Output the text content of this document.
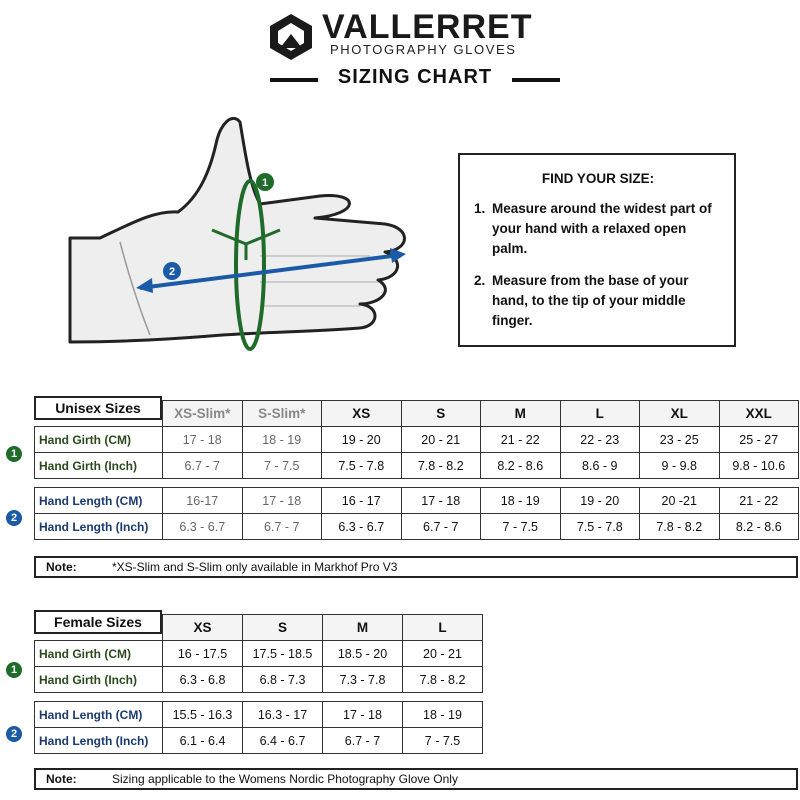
VALLERRET
PHOTOGRAPHY GLOVES
SIZING CHART
1
2
FIND YOUR SIZE:
1. Measure around the widest part of your hand with a relaxed open palm.
2. Measure from the base of your hand, to the tip of your middle finger.
	XS-Slim*	S-Slim*	XS	S	M	L	XL	XXL
Hand Girth (CM)	17 - 18	18 - 19	19 - 20	20 - 21	21 - 22	22 - 23	23 - 25	25 - 27
Hand Girth (Inch)	6.7 - 7	7 - 7.5	7.5 - 7.8	7.8 - 8.2	8.2 - 8.6	8.6 - 9	9 - 9.8	9.8 - 10.6

Hand Length (CM)	16-17	17 - 18	16 - 17	17 - 18	18 - 19	19 - 20	20 -21	21 - 22
Hand Length (Inch)	6.3 - 6.7	6.7 - 7	6.3 - 6.7	6.7 - 7	7 - 7.5	7.5 - 7.8	7.8 - 8.2	8.2 - 8.6
Unisex Sizes
1
2
Note:	*XS-Slim and S-Slim only available in Markhof Pro V3
	XS	S	M	L
Hand Girth (CM)	16 - 17.5	17.5 - 18.5	18.5 - 20	20 - 21
Hand Girth (Inch)	6.3 - 6.8	6.8 - 7.3	7.3 - 7.8	7.8 - 8.2

Hand Length (CM)	15.5 - 16.3	16.3 - 17	17 - 18	18 - 19
Hand Length (Inch)	6.1 - 6.4	6.4 - 6.7	6.7 - 7	7 - 7.5
Female Sizes
1
2
Note:	Sizing applicable to the Womens Nordic Photography Glove Only
